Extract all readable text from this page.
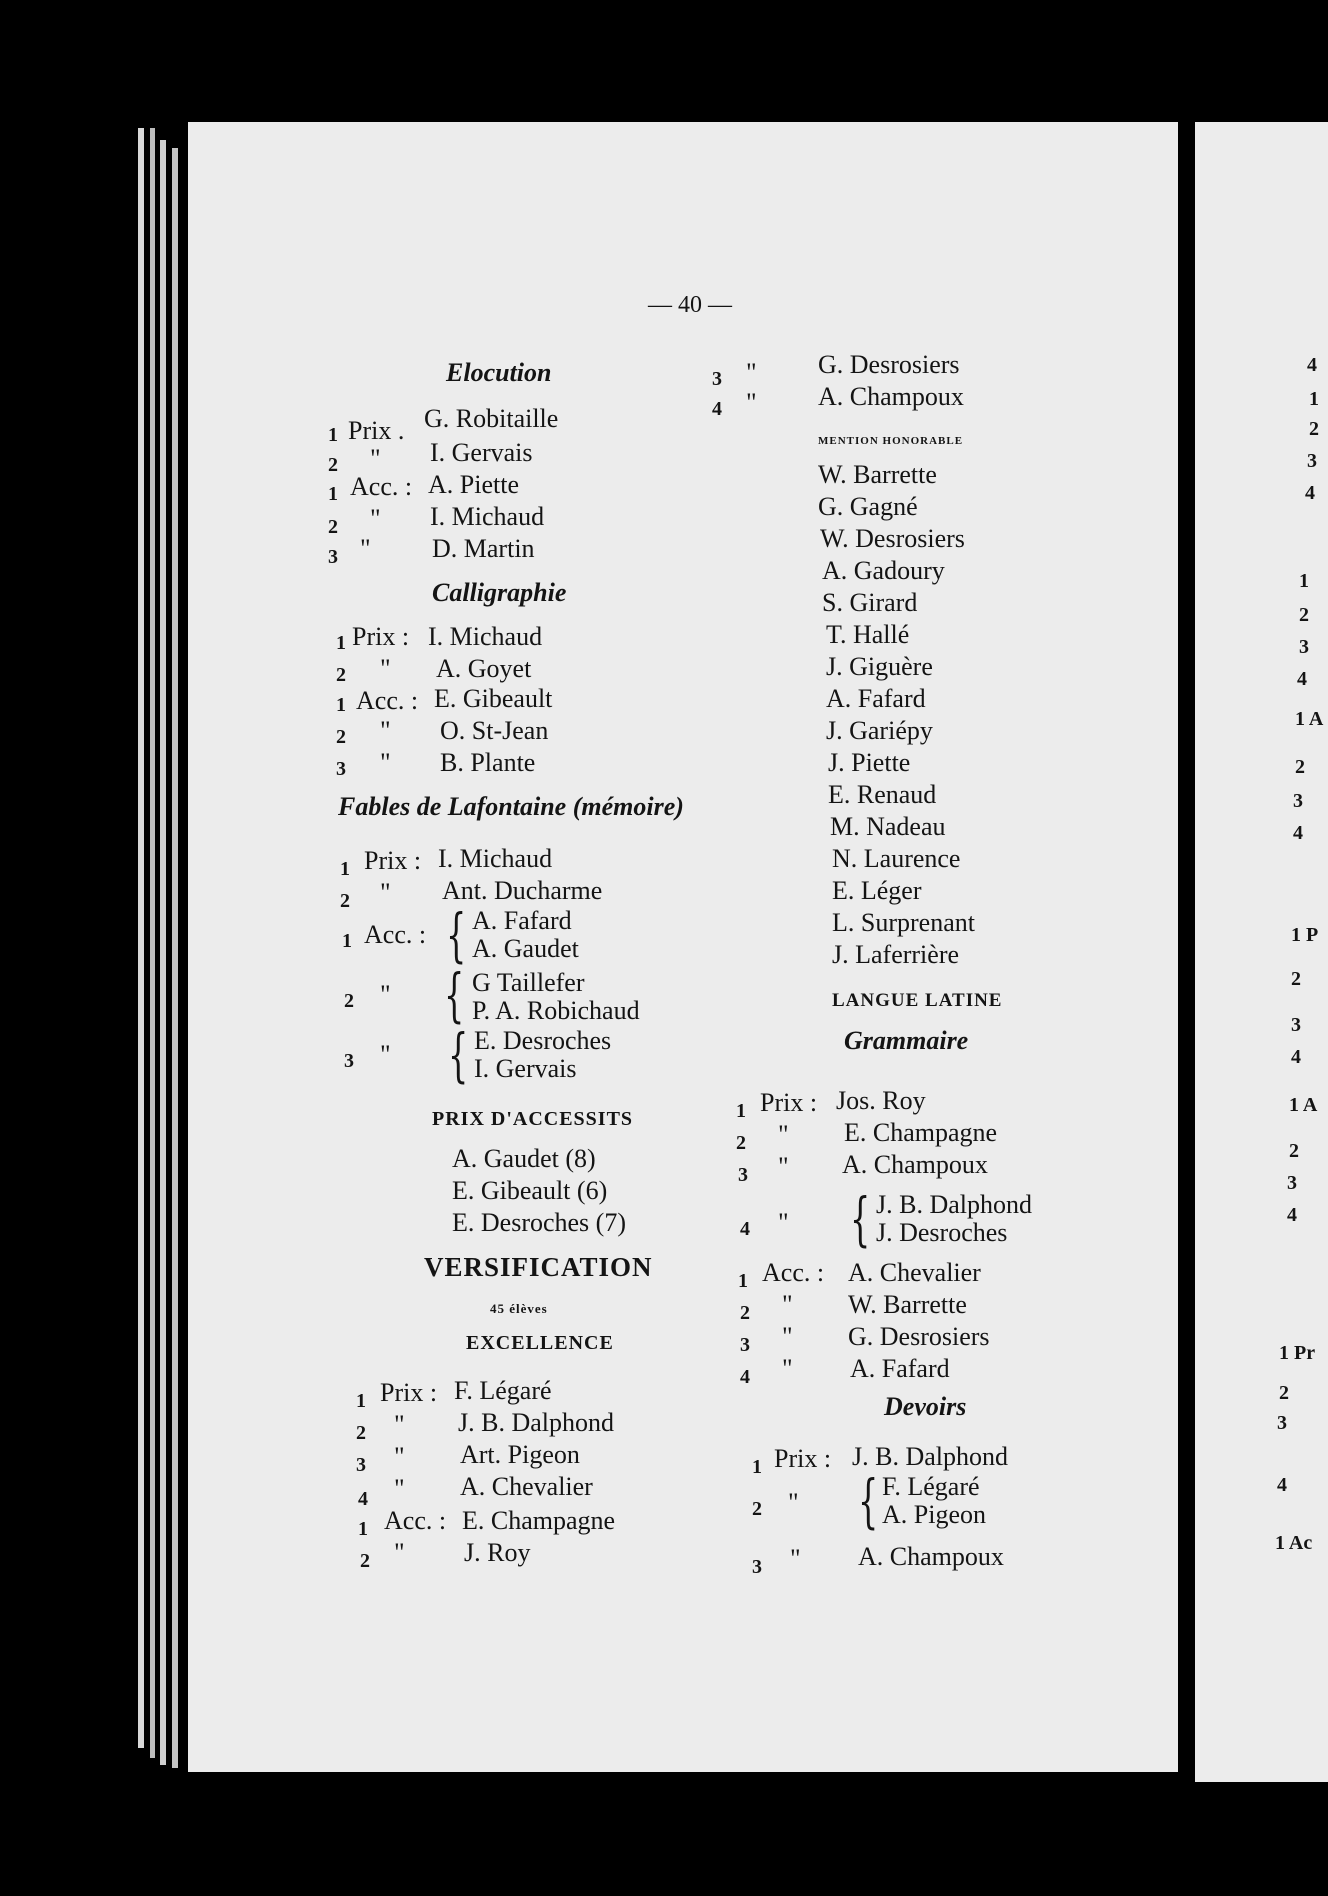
— 40 —
Elocution
1 Prix . G. Robitaille
2 " I. Gervais
1 Acc. : A. Piette
2 " I. Michaud
3 " D. Martin
Calligraphie
1 Prix : I. Michaud
2 " A. Goyet
1 Acc. : E. Gibeault
2 " O. St-Jean
3 " B. Plante
Fables de Lafontaine (mémoire)
1 Prix : I. Michaud
2 " Ant. Ducharme
1 Acc. : { A. Fafard
A. Gaudet
2 " { G Taillefer
P. A. Robichaud
3 " { E. Desroches
I. Gervais
PRIX D'ACCESSITS
A. Gaudet (8)
E. Gibeault (6)
E. Desroches (7)
VERSIFICATION
45 élèves
EXCELLENCE
1 Prix : F. Légaré
2 " J. B. Dalphond
3 " Art. Pigeon
4 " A. Chevalier
1 Acc. : E. Champagne
2 " J. Roy
3 " G. Desrosiers
4 " A. Champoux
MENTION HONORABLE
W. Barrette
G. Gagné
W. Desrosiers
A. Gadoury
S. Girard
T. Hallé
J. Giguère
A. Fafard
J. Gariépy
J. Piette
E. Renaud
M. Nadeau
N. Laurence
E. Léger
L. Surprenant
J. Laferrière
LANGUE LATINE
Grammaire
1 Prix : Jos. Roy
2 " E. Champagne
3 " A. Champoux
4 " { J. B. Dalphond
J. Desroches
1 Acc. : A. Chevalier
2 " W. Barrette
3 " G. Desrosiers
4 " A. Fafard
Devoirs
1 Prix : J. B. Dalphond
2 " { F. Légaré
A. Pigeon
3 " A. Champoux
4
1
2
3
4
1
2
3
4
1 A
2
3
4
1 P
2
3
4
1 A
2
3
4
1 Pr
2
3
4
1 Ac
